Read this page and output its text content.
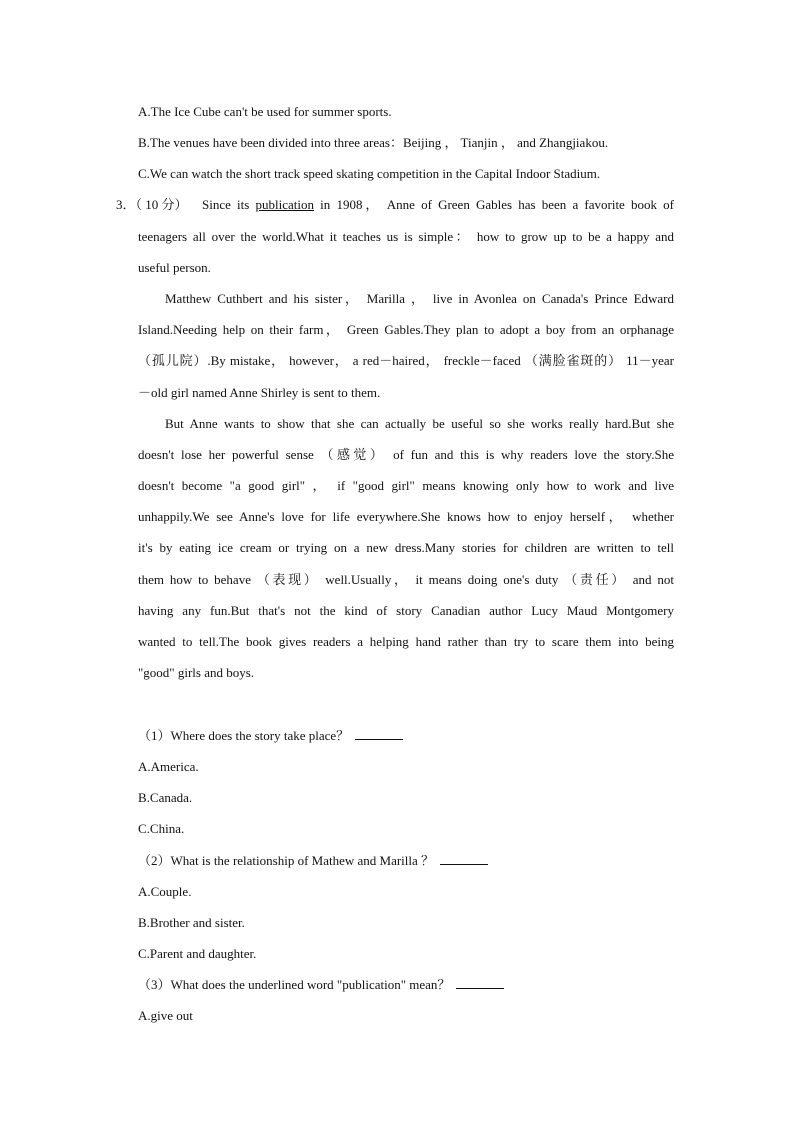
A.The Ice Cube can't be used for summer sports.
B.The venues have been divided into three areas：Beijing ， Tianjin ， and Zhangjiakou.
C.We can watch the short track speed skating competition in the Capital Indoor Stadium.
3．（ 10 分） Since its publication in 1908， Anne of Green Gables has been a favorite book of
teenagers all over the world.What it teaches us is simple： how to grow up to be a happy and
useful person.
Matthew Cuthbert and his sister， Marilla ， live in Avonlea on Canada's Prince Edward
Island.Needing help on their farm， Green Gables.They plan to adopt a boy from an orphanage
（孤儿院）.By mistake， however， a red－haired， freckle－faced （满脸雀斑的） 11－year
－old girl named Anne Shirley is sent to them.
But Anne wants to show that she can actually be useful so she works really hard.But she
doesn't lose her powerful sense （感觉） of fun and this is why readers love the story.She
doesn't become "a good girl" ， if "good girl" means knowing only how to work and live
unhappily.We see Anne's love for life everywhere.She knows how to enjoy herself， whether
it's by eating ice cream or trying on a new dress.Many stories for children are written to tell
them how to behave （表现） well.Usually， it means doing one's duty （责任） and not
having any fun.But that's not the kind of story Canadian author Lucy Maud Montgomery
wanted to tell.The book gives readers a helping hand rather than try to scare them into being
"good" girls and boys.
（1）Where does the story take place？
A.America.
B.Canada.
C.China.
（2）What is the relationship of Mathew and Marilla ？
A.Couple.
B.Brother and sister.
C.Parent and daughter.
（3）What does the underlined word "publication" mean？
A.give out
